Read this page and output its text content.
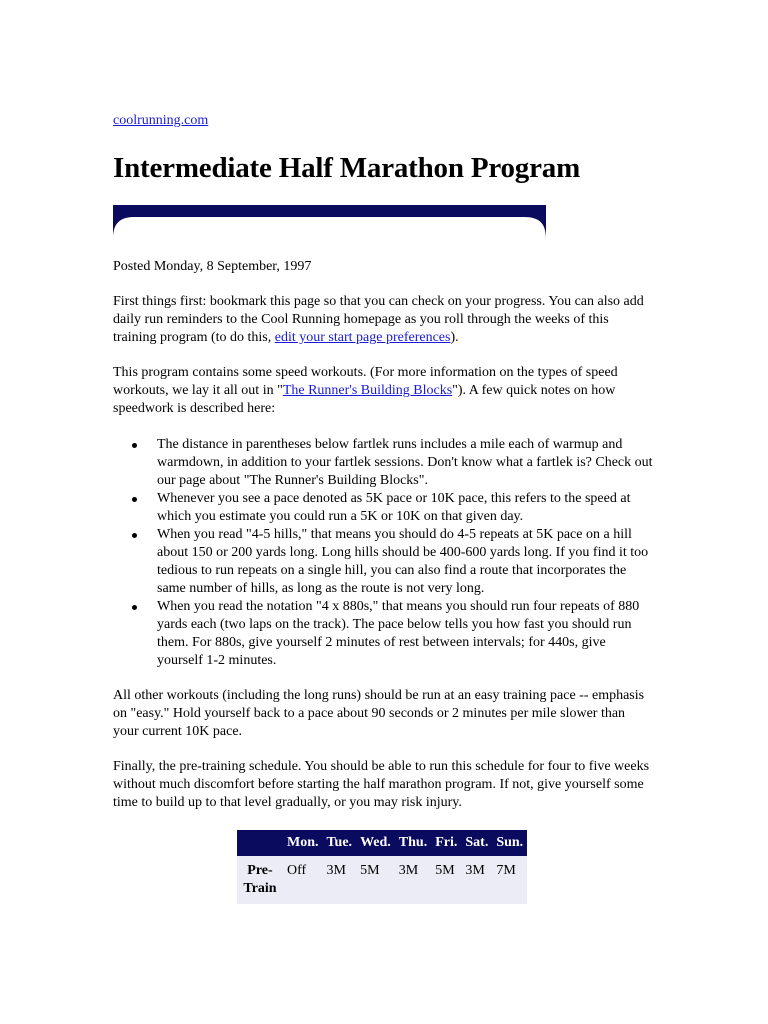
coolrunning.com
Intermediate Half Marathon Program

Posted Monday, 8 September, 1997

First things first: bookmark this page so that you can check on your progress. You can also add daily run reminders to the Cool Running homepage as you roll through the weeks of this training program (to do this, edit your start page preferences).

This program contains some speed workouts. (For more information on the types of speed workouts, we lay it all out in "The Runner's Building Blocks"). A few quick notes on how speedwork is described here:

The distance in parentheses below fartlek runs includes a mile each of warmup and warmdown, in addition to your fartlek sessions. Don't know what a fartlek is? Check out our page about "The Runner's Building Blocks".
Whenever you see a pace denoted as 5K pace or 10K pace, this refers to the speed at which you estimate you could run a 5K or 10K on that given day.
When you read "4-5 hills," that means you should do 4-5 repeats at 5K pace on a hill about 150 or 200 yards long. Long hills should be 400-600 yards long. If you find it too tedious to run repeats on a single hill, you can also find a route that incorporates the same number of hills, as long as the route is not very long.
When you read the notation "4 x 880s," that means you should run four repeats of 880 yards each (two laps on the track). The pace below tells you how fast you should run them. For 880s, give yourself 2 minutes of rest between intervals; for 440s, give yourself 1-2 minutes.

All other workouts (including the long runs) should be run at an easy training pace -- emphasis on "easy." Hold yourself back to a pace about 90 seconds or 2 minutes per mile slower than your current 10K pace.

Finally, the pre-training schedule. You should be able to run this schedule for four to five weeks without much discomfort before starting the half marathon program. If not, give yourself some time to build up to that level gradually, or you may risk injury.

	Mon.	Tue.	Wed.	Thu.	Fri.	Sat.	Sun.
Pre-Train	Off	3M	5M	3M	5M	3M	7M
